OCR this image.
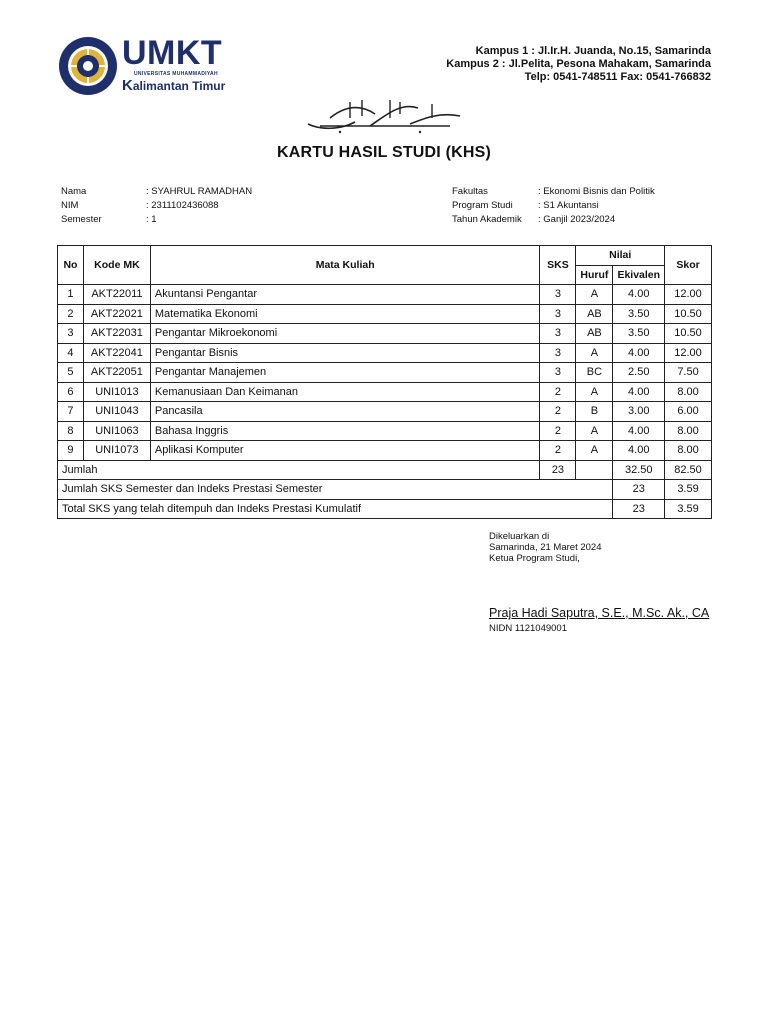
UMKT
UNIVERSITAS MUHAMMADIYAH
Kalimantan Timur
Kampus 1 : Jl.Ir.H. Juanda, No.15, Samarinda
Kampus 2 : Jl.Pelita, Pesona Mahakam, Samarinda
Telp: 0541-748511 Fax: 0541-766832
KARTU HASIL STUDI (KHS)
Nama	: SYAHRUL RAMADHAN
NIM	: 2311102436088
Semester	: 1
Fakultas	: Ekonomi Bisnis dan Politik
Program Studi	: S1 Akuntansi
Tahun Akademik	: Ganjil 2023/2024
No	Kode MK	Mata Kuliah	SKS	Nilai		Skor
				Huruf	Ekivalen	
1	AKT22011	Akuntansi Pengantar	3	A	4.00	12.00
2	AKT22021	Matematika Ekonomi	3	AB	3.50	10.50
3	AKT22031	Pengantar Mikroekonomi	3	AB	3.50	10.50
4	AKT22041	Pengantar Bisnis	3	A	4.00	12.00
5	AKT22051	Pengantar Manajemen	3	BC	2.50	7.50
6	UNI1013	Kemanusiaan Dan Keimanan	2	A	4.00	8.00
7	UNI1043	Pancasila	2	B	3.00	6.00
8	UNI1063	Bahasa Inggris	2	A	4.00	8.00
9	UNI1073	Aplikasi Komputer	2	A	4.00	8.00
Jumlah			23		32.50	82.50
Jumlah SKS Semester dan Indeks Prestasi Semester					23	3.59
Total SKS yang telah ditempuh dan Indeks Prestasi Kumulatif					23	3.59
Dikeluarkan di
Samarinda, 21 Maret 2024
Ketua Program Studi,
Praja Hadi Saputra, S.E., M.Sc. Ak., CA
NIDN 1121049001
